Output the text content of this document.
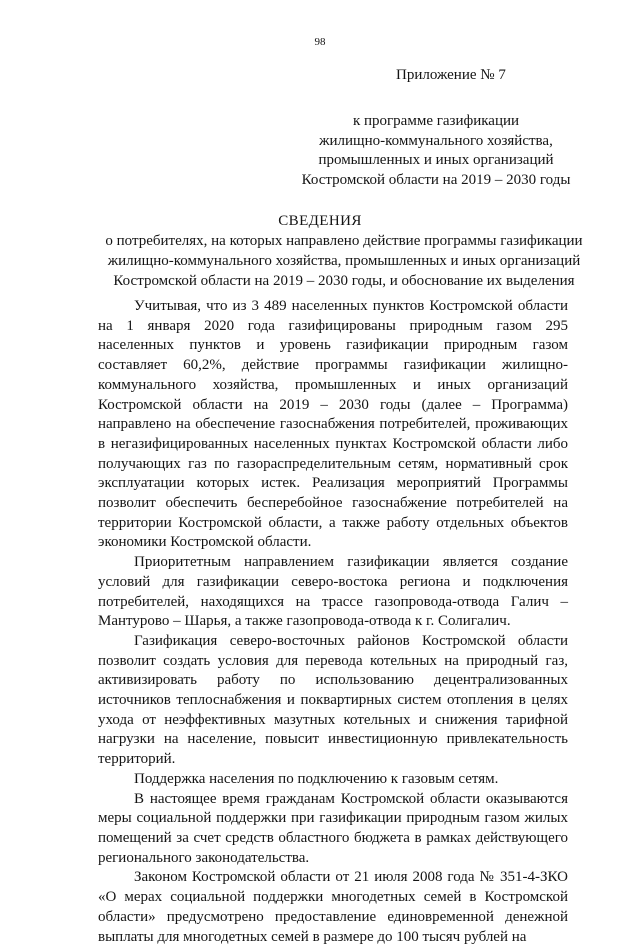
98
Приложение № 7
к программе газификации
жилищно-коммунального хозяйства,
промышленных и иных организаций
Костромской области на 2019 – 2030 годы
СВЕДЕНИЯ
о потребителях, на которых направлено действие программы газификации
жилищно-коммунального хозяйства, промышленных и иных организаций
Костромской области на 2019 – 2030 годы, и обоснование их выделения

Учитывая, что из 3 489 населенных пунктов Костромской области на 1 января 2020 года газифицированы природным газом 295 населенных пунктов и уровень газификации природным газом составляет 60,2%, действие программы газификации жилищно-коммунального хозяйства, промышленных и иных организаций Костромской области на 2019 – 2030 годы (далее – Программа) направлено на обеспечение газоснабжения потребителей, проживающих в негазифицированных населенных пунктах Костромской области либо получающих газ по газораспределительным сетям, нормативный срок эксплуатации которых истек. Реализация мероприятий Программы позволит обеспечить бесперебойное газоснабжение потребителей на территории Костромской области, а также работу отдельных объектов экономики Костромской области.

Приоритетным направлением газификации является создание условий для газификации северо-востока региона и подключения потребителей, находящихся на трассе газопровода-отвода Галич – Мантурово – Шарья, а также газопровода-отвода к г. Солигалич.

Газификация северо-восточных районов Костромской области позволит создать условия для перевода котельных на природный газ, активизировать работу по использованию децентрализованных источников теплоснабжения и поквартирных систем отопления в целях ухода от неэффективных мазутных котельных и снижения тарифной нагрузки на население, повысит инвестиционную привлекательность территорий.

Поддержка населения по подключению к газовым сетям.

В настоящее время гражданам Костромской области оказываются меры социальной поддержки при газификации природным газом жилых помещений за счет средств областного бюджета в рамках действующего регионального законодательства.

Законом Костромской области от 21 июля 2008 года № 351-4-ЗКО «О мерах социальной поддержки многодетных семей в Костромской области» предусмотрено предоставление единовременной денежной выплаты для многодетных семей в размере до 100 тысяч рублей на
